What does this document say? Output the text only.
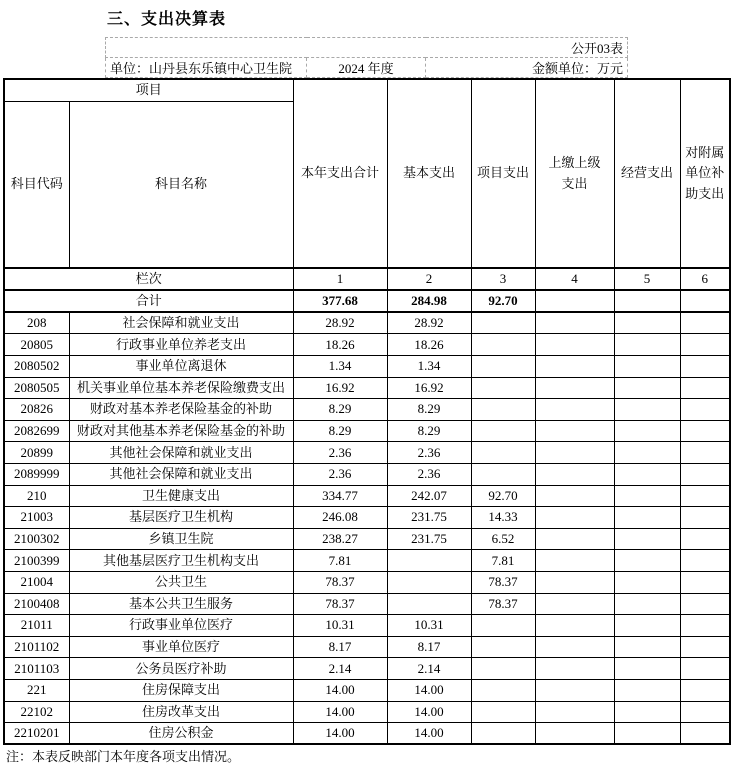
三、支出决算表
公开03表
单位：山丹县东乐镇中心卫生院	2024 年度	金额单位：万元
项目		本年支出合计	基本支出	项目支出	上缴上级支出	经营支出	对附属单位补助支出
科目代码	科目名称						
栏次		1	2	3	4	5	6
合计		377.68	284.98	92.70			
208	社会保障和就业支出	28.92	28.92				
20805	行政事业单位养老支出	18.26	18.26				
2080502	事业单位离退休	1.34	1.34				
2080505	机关事业单位基本养老保险缴费支出	16.92	16.92				
20826	财政对基本养老保险基金的补助	8.29	8.29				
2082699	财政对其他基本养老保险基金的补助	8.29	8.29				
20899	其他社会保障和就业支出	2.36	2.36				
2089999	其他社会保障和就业支出	2.36	2.36				
210	卫生健康支出	334.77	242.07	92.70			
21003	基层医疗卫生机构	246.08	231.75	14.33			
2100302	乡镇卫生院	238.27	231.75	6.52			
2100399	其他基层医疗卫生机构支出	7.81		7.81			
21004	公共卫生	78.37		78.37			
2100408	基本公共卫生服务	78.37		78.37			
21011	行政事业单位医疗	10.31	10.31				
2101102	事业单位医疗	8.17	8.17				
2101103	公务员医疗补助	2.14	2.14				
221	住房保障支出	14.00	14.00				
22102	住房改革支出	14.00	14.00				
2210201	住房公积金	14.00	14.00				
注：本表反映部门本年度各项支出情况。
